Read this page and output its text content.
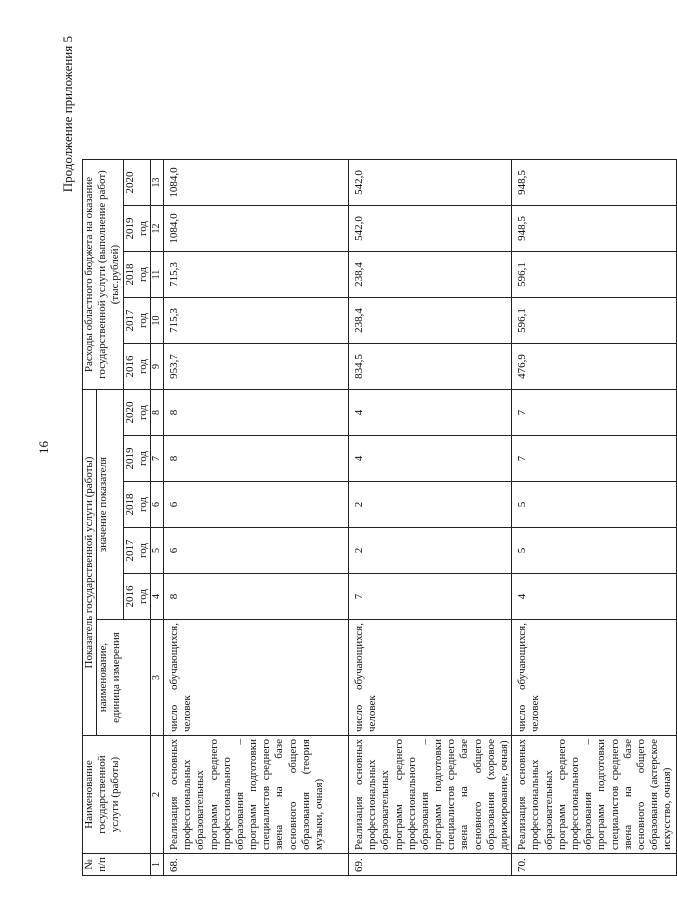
16
Продолжение приложения 5
№
п/п	Наименование государственной услуги (работы)	Показатель государственной услуги (работы)						Расходы областного бюджета на оказание государственной услуги (выполнение работ) (тыс.рублей)				
		наименование, единица измерения	значение показателя									
			2016 год	2017 год	2018 год	2019 год	2020 год	2016 год	2017 год	2018 год	2019 год	2020
1	2	3	4	5	6	7	8	9	10	11	12	13
68.	Реализация основных профессиональных образовательных программ среднего профессионального образования – программ подготовки специалистов среднего звена на базе основного общего образования (теория музыки, очная)	число обучающихся, человек	8	6	6	8	8	953,7	715,3	715,3	1084,0	1084,0
69.	Реализация основных профессиональных образовательных программ среднего профессионального образования – программ подготовки специалистов среднего звена на базе основного общего образования (хоровое дирижирование, очная)	число обучающихся, человек	7	2	2	4	4	834,5	238,4	238,4	542,0	542,0
70.	Реализация основных профессиональных образовательных программ среднего профессионального образования – программ подготовки специалистов среднего звена на базе основного общего образования (актерское искусство, очная)	число обучающихся, человек	4	5	5	7	7	476,9	596,1	596,1	948,5	948,5
